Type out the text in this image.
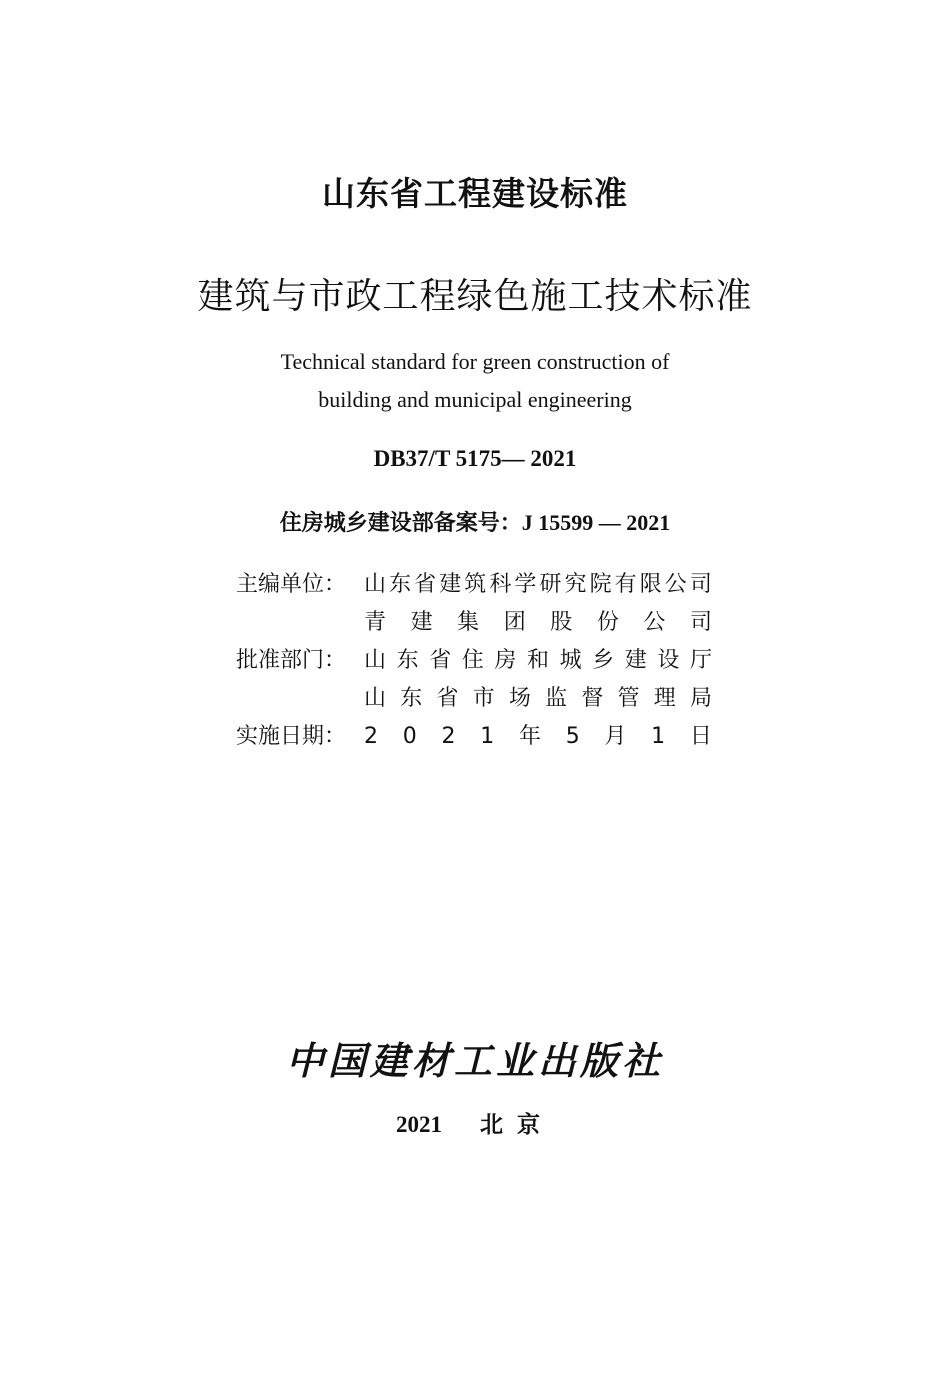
山东省工程建设标准
建筑与市政工程绿色施工技术标准
Technical standard for green construction of
building and municipal engineering
DB37/T 5175— 2021
住房城乡建设部备案号：J 15599 — 2021
主编单位： 山 东 省 建 筑 科 学 研 究 院 有 限 公 司
青 建 集 团 股 份 公 司
批准部门： 山 东 省 住 房 和 城 乡 建 设 厅
山 东 省 市 场 监 督 管 理 局
实施日期： 2 0 2 1 年 5 月 1 日
中国建材工业出版社
2021 北京
